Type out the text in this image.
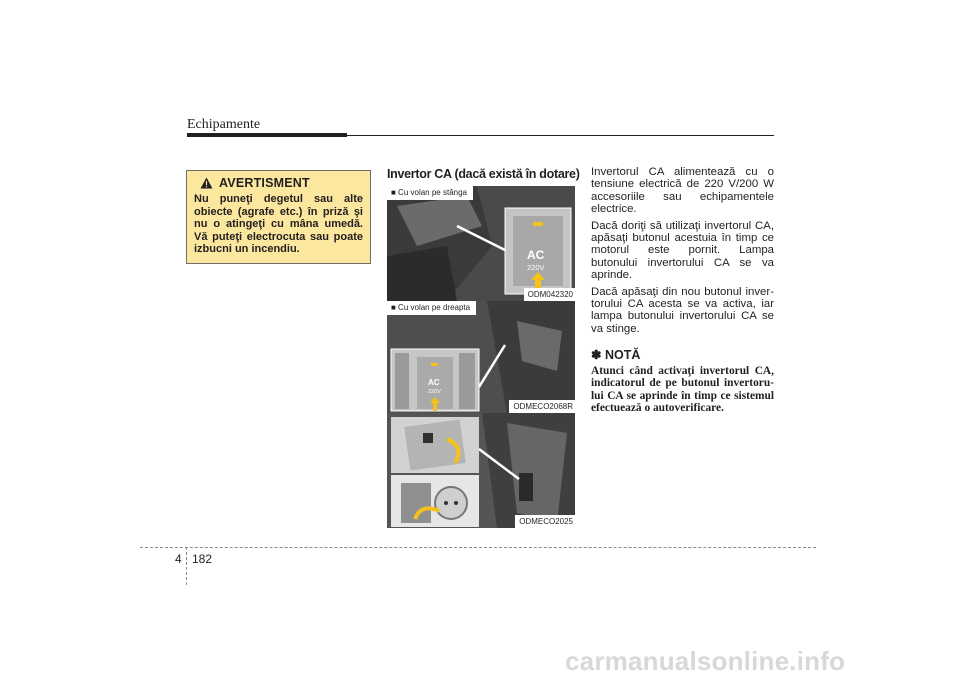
Echipamente
AVERTISMENT
Nu puneţi degetul sau alte obiecte (agrafe etc.) în priză şi nu o atingeţi cu mâna umedă. Vă puteţi electrocuta sau poate izbucni un incendiu.
Invertor CA (dacă există în dotare)
AC
220V
■ Cu volan pe stânga
ODM042320
AC
220V
■ Cu volan pe dreapta
ODMECO2068R
ODMECO2025

Invertorul CA alimentează cu o tensiune electrică de 220 V/200 W accesoriile sau echipamentele electrice.

Dacă doriţi să utilizaţi invertorul CA, apăsaţi butonul acestuia în timp ce motorul este pornit. Lampa butonului invertorului CA se va aprinde.

Dacă apăsaţi din nou butonul invertorului CA acesta se va activa, iar lampa butonului invertorului CA se va stinge.

✽ NOTĂ
Atunci când activaţi invertorul CA, indicatorul de pe butonul invertorului CA se aprinde în timp ce sistemul efectuează o autoverificare.
4 182
carmanualsonline.info
